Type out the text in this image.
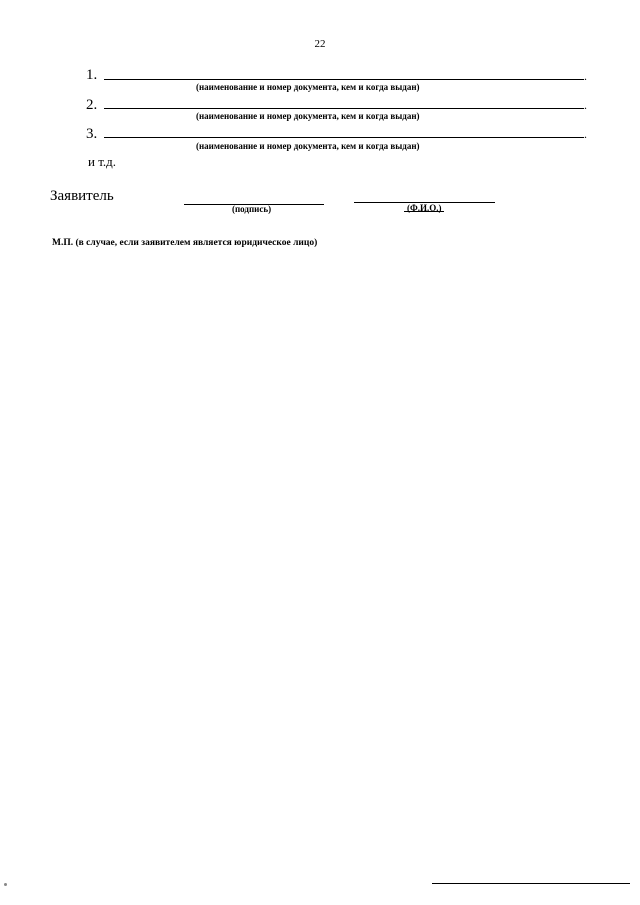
22
1.	.
(наименование и номер документа, кем и когда выдан)
2.	.
(наименование и номер документа, кем и когда выдан)
3.	.
(наименование и номер документа, кем и когда выдан)
и т.д.
Заявитель
(подпись)	(Ф.И.О.)
М.П. (в случае, если заявителем является юридическое лицо)
